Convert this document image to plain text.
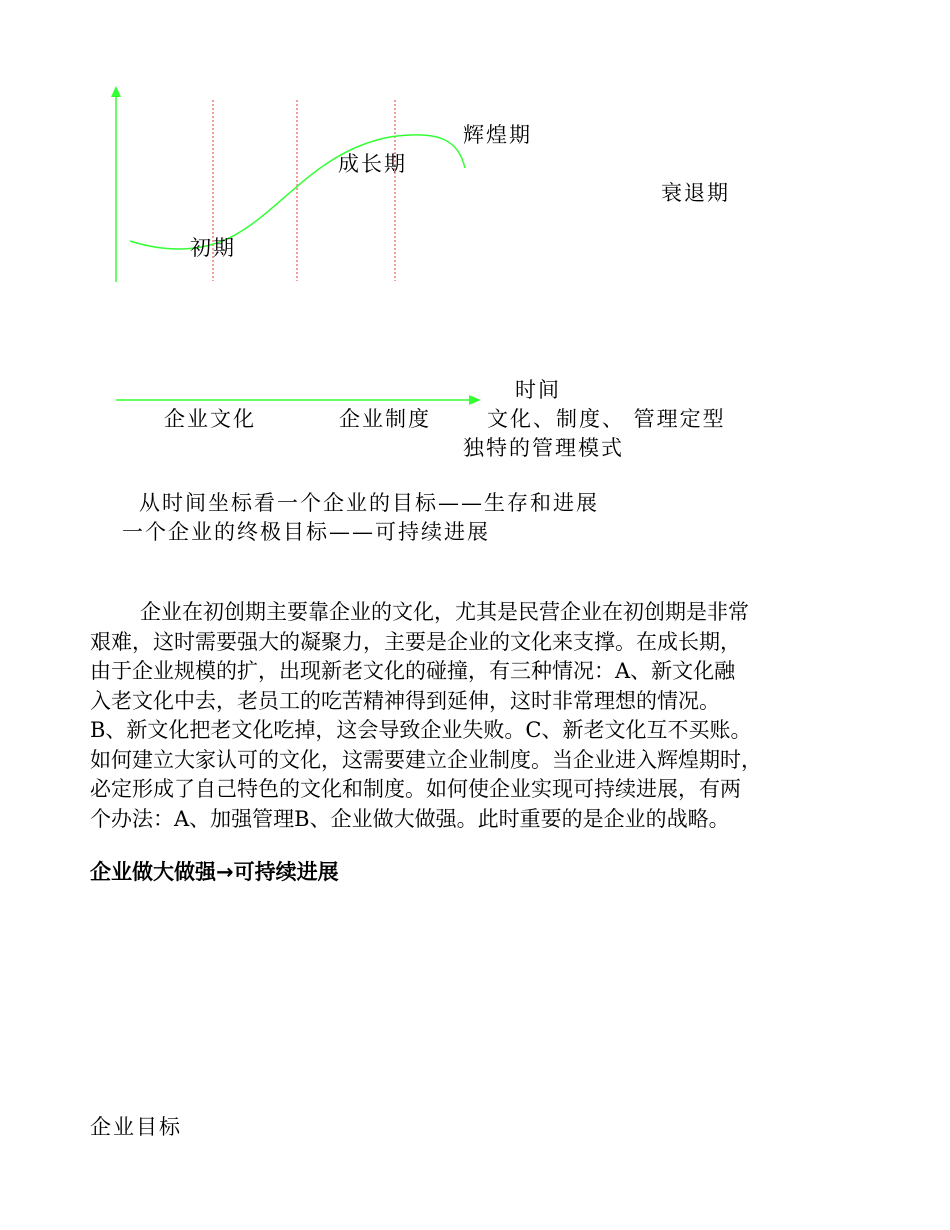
初期
成长期
辉煌期
衰退期
时间
企业文化	企业制度	文化、制度、 管理定型
独特的管理模式
从时间坐标看一个企业的目标——生存和进展
一个企业的终极目标——可持续进展
企业在初创期主要靠企业的文化，尤其是民营企业在初创期是非常
艰难，这时需要强大的凝聚力，主要是企业的文化来支撑。在成长期，
由于企业规模的扩，出现新老文化的碰撞，有三种情况：A、新文化融
入老文化中去，老员工的吃苦精神得到延伸，这时非常理想的情况。
B、新文化把老文化吃掉，这会导致企业失败。C、新老文化互不买账。
如何建立大家认可的文化，这需要建立企业制度。当企业进入辉煌期时，
必定形成了自己特色的文化和制度。如何使企业实现可持续进展，有两
个办法：A、加强管理B、企业做大做强。此时重要的是企业的战略。
企业做大做强→可持续进展
企业目标
